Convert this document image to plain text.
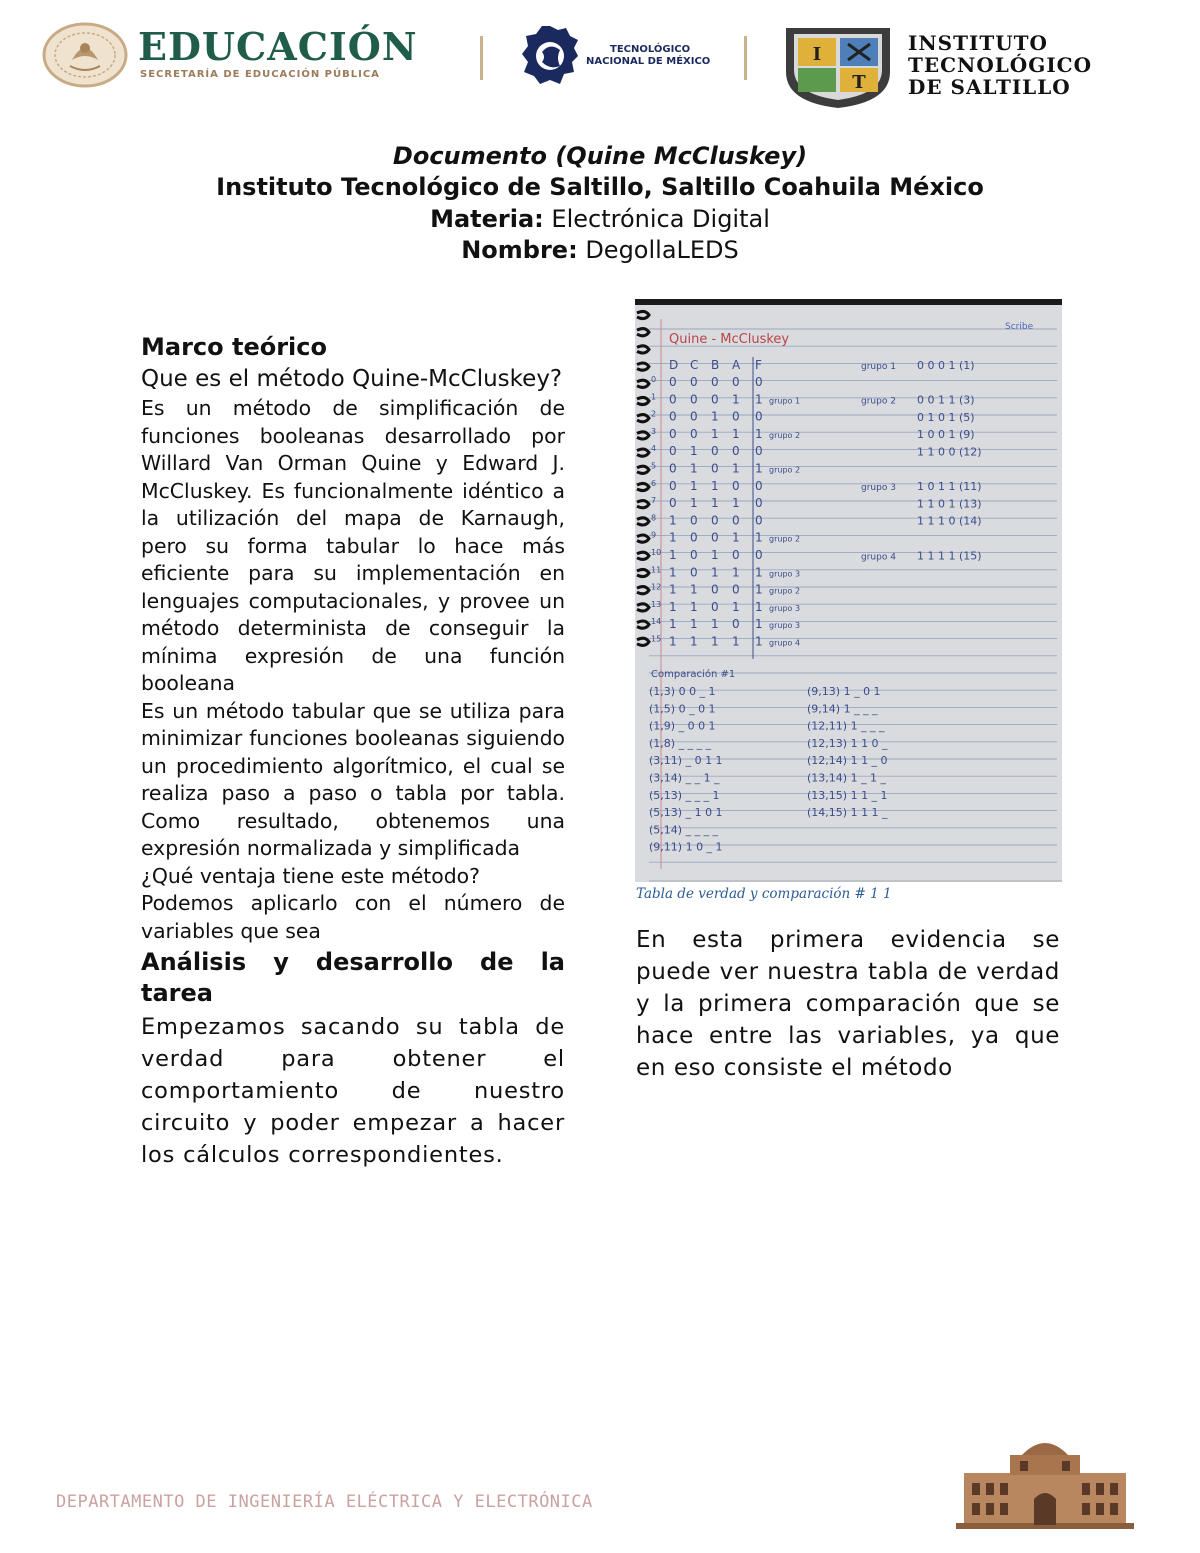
EDUCACIÓN
SECRETARÍA DE EDUCACIÓN PÚBLICA
TECNOLÓGICO
NACIONAL DE MÉXICO	I
T
INSTITUTO
TECNOLÓGICO
DE SALTILLO
Documento (Quine McCluskey)
Instituto Tecnológico de Saltillo, Saltillo Coahuila México
Materia: Electrónica Digital
Nombre: DegollaLEDS
Marco teórico
Que es el método Quine-McCluskey?
Es un método de simplificación de funciones booleanas desarrollado por Willard Van Orman Quine y Edward J. McCluskey. Es funcionalmente idéntico a la utilización del mapa de Karnaugh, pero su forma tabular lo hace más eficiente para su implementación en lenguajes computacionales, y provee un método determinista de conseguir la mínima expresión de una función booleana
Es un método tabular que se utiliza para minimizar funciones booleanas siguiendo un procedimiento algorítmico, el cual se realiza paso a paso o tabla por tabla. Como resultado, obtenemos una expresión normalizada y simplificada
¿Qué ventaja tiene este método?
Podemos aplicarlo con el número de variables que sea
Análisis y desarrollo de la tarea
Empezamos sacando su tabla de verdad para obtener el comportamiento de nuestro circuito y poder empezar a hacer los cálculos correspondientes.
Quine - McCluskey
Scribe
D C B A F
0 0 0 0 0 0
1 0 0 0 1 1 grupo 1
2 0 0 1 0 0
3 0 0 1 1 1 grupo 2
4 0 1 0 0 0
5 0 1 0 1 1 grupo 2
6 0 1 1 0 0
7 0 1 1 1 0
8 1 0 0 0 0
9 1 0 0 1 1 grupo 2
10 1 0 1 0 0
11 1 0 1 1 1 grupo 3
12 1 1 0 0 1 grupo 2
13 1 1 0 1 1 grupo 3
14 1 1 1 0 1 grupo 3
15 1 1 1 1 1 grupo 4
grupo 1 0 0 0 1 (1)
grupo 2 0 0 1 1 (3)
0 1 0 1 (5)
1 0 0 1 (9)
1 1 0 0 (12)
grupo 3 1 0 1 1 (11)
1 1 0 1 (13)
1 1 1 0 (14)
grupo 4 1 1 1 1 (15)
Comparación #1
(1,3) 0 0 _ 1
(1,5) 0 _ 0 1
(1,9) _ 0 0 1
(1,8) _ _ _ _
(3,11) _ 0 1 1
(3,14) _ _ 1 _
(5,13) _ _ _ 1
(5,13) _ 1 0 1
(5,14) _ _ _ _
(9,11) 1 0 _ 1
(9,13) 1 _ 0 1
(9,14) 1 _ _ _
(12,11) 1 _ _ _
(12,13) 1 1 0 _
(12,14) 1 1 _ 0
(13,14) 1 _ 1 _
(13,15) 1 1 _ 1
(14,15) 1 1 1 _
Tabla de verdad y comparación # 1 1
En esta primera evidencia se puede ver nuestra tabla de verdad y la primera comparación que se hace entre las variables, ya que en eso consiste el método
DEPARTAMENTO DE INGENIERÍA ELÉCTRICA Y ELECTRÓNICA
